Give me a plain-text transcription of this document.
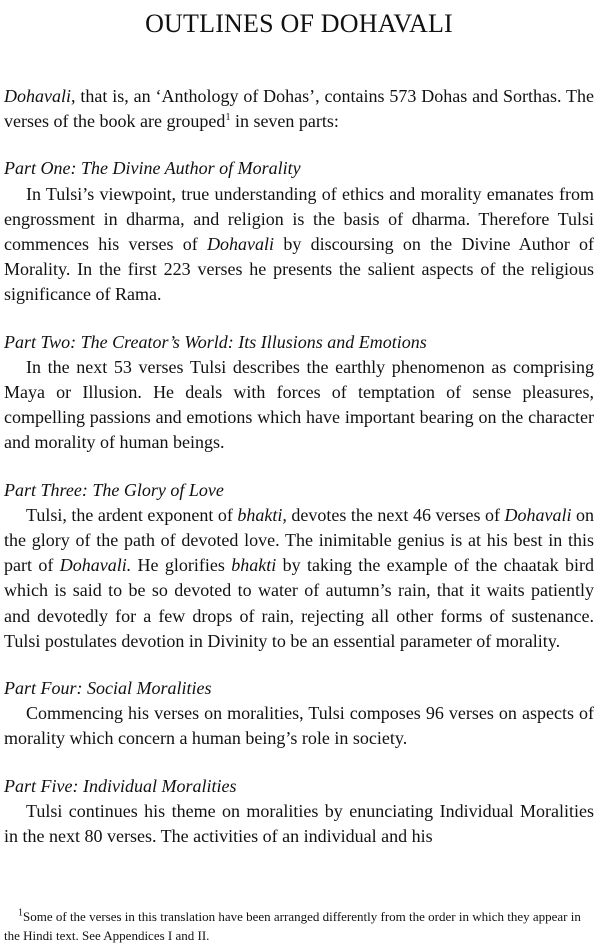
OUTLINES OF DOHAVALI
Dohavali, that is, an ‘Anthology of Dohas’, contains 573 Dohas and Sorthas. The verses of the book are grouped$^1$ in seven parts:
Part One: The Divine Author of Morality
In Tulsi’s viewpoint, true understanding of ethics and morality emanates from engrossment in dharma, and religion is the basis of dharma. Therefore Tulsi commences his verses of Dohavali by discoursing on the Divine Author of Morality. In the first 223 verses he presents the salient aspects of the religious significance of Rama.
Part Two: The Creator’s World: Its Illusions and Emotions
In the next 53 verses Tulsi describes the earthly phenomenon as comprising Maya or Illusion. He deals with forces of temptation of sense pleasures, compelling passions and emotions which have important bearing on the character and morality of human beings.
Part Three: The Glory of Love
Tulsi, the ardent exponent of bhakti, devotes the next 46 verses of Dohavali on the glory of the path of devoted love. The inimitable genius is at his best in this part of Dohavali. He glorifies bhakti by taking the example of the chaatak bird which is said to be so devoted to water of autumn’s rain, that it waits patiently and devotedly for a few drops of rain, rejecting all other forms of sustenance. Tulsi postulates devotion in Divinity to be an essential parameter of morality.
Part Four: Social Moralities
Commencing his verses on moralities, Tulsi composes 96 verses on aspects of morality which concern a human being’s role in society.
Part Five: Individual Moralities
Tulsi continues his theme on moralities by enunciating Individual Moralities in the next 80 verses. The activities of an individual and his
$^1$Some of the verses in this translation have been arranged differently from the order in which they appear in the Hindi text. See Appendices I and II.
